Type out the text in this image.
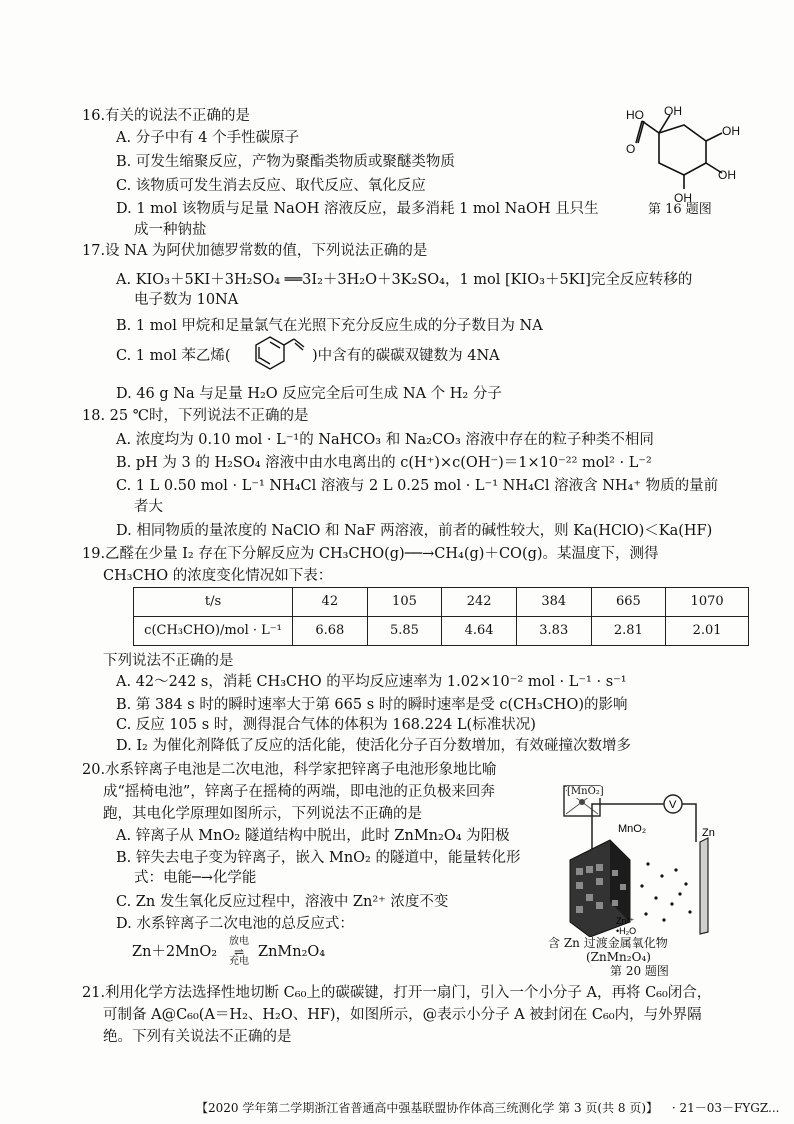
16.有关的说法不正确的是
A. 分子中有 4 个手性碳原子
B. 可发生缩聚反应，产物为聚酯类物质或聚醚类物质
C. 该物质可发生消去反应、取代反应、氧化反应
D. 1 mol 该物质与足量 NaOH 溶液反应，最多消耗 1 mol NaOH 且只生
成一种钠盐
HO OH
OH
O
OH
OH
第 16 题图
17.设 NA 为阿伏加德罗常数的值，下列说法正确的是
A. KIO₃＋5KI＋3H₂SO₄ ══3I₂＋3H₂O＋3K₂SO₄，1 mol [KIO₃＋5KI]完全反应转移的
电子数为 10NA
B. 1 mol 甲烷和足量氯气在光照下充分反应生成的分子数目为 NA
C. 1 mol 苯乙烯(	)中含有的碳碳双键数为 4NA
D. 46 g Na 与足量 H₂O 反应完全后可生成 NA 个 H₂ 分子
18. 25 ℃时，下列说法不正确的是
A. 浓度均为 0.10 mol · L⁻¹的 NaHCO₃ 和 Na₂CO₃ 溶液中存在的粒子种类不相同
B. pH 为 3 的 H₂SO₄ 溶液中由水电离出的 c(H⁺)×c(OH⁻)＝1×10⁻²² mol² · L⁻²
C. 1 L 0.50 mol · L⁻¹ NH₄Cl 溶液与 2 L 0.25 mol · L⁻¹ NH₄Cl 溶液含 NH₄⁺ 物质的量前
者大
D. 相同物质的量浓度的 NaClO 和 NaF 两溶液，前者的碱性较大，则 Ka(HClO)＜Ka(HF)
19.乙醛在少量 I₂ 存在下分解反应为 CH₃CHO(g)──→CH₄(g)＋CO(g)。某温度下，测得
CH₃CHO 的浓度变化情况如下表：
t/s	42	105	242	384	665	1070
c(CH₃CHO)/mol · L⁻¹	6.68	5.85	4.64	3.83	2.81	2.01
下列说法不正确的是
A. 42～242 s，消耗 CH₃CHO 的平均反应速率为 1.02×10⁻² mol · L⁻¹ · s⁻¹
B. 第 384 s 时的瞬时速率大于第 665 s 时的瞬时速率是受 c(CH₃CHO)的影响
C. 反应 105 s 时，测得混合气体的体积为 168.224 L(标准状况)
D. I₂ 为催化剂降低了反应的活化能，使活化分子百分数增加，有效碰撞次数增多
20.水系锌离子电池是二次电池，科学家把锌离子电池形象地比喻
成“摇椅电池”，锌离子在摇椅的两端，即电池的正负极来回奔
跑，其电化学原理如图所示，下列说法不正确的是
A. 锌离子从 MnO₂ 隧道结构中脱出，此时 ZnMn₂O₄ 为阳极
B. 锌失去电子变为锌离子，嵌入 MnO₂ 的隧道中，能量转化形
式：电能─→化学能
C. Zn 发生氧化反应过程中，溶液中 Zn²⁺ 浓度不变
D. 水系锌离子二次电池的总反应式：
Zn＋2MnO₂
放电
⇌
充电
ZnMn₂O₄
V
MnO₂	Zn
Zn²⁺
•H₂O
[MnO₂]
含 Zn 过渡金属氧化物
(ZnMn₂O₄)
第 20 题图
21.利用化学方法选择性地切断 C₆₀上的碳碳键，打开一扇门，引入一个小分子 A，再将 C₆₀闭合，
可制备 A@C₆₀(A＝H₂、H₂O、HF)，如图所示，@表示小分子 A 被封闭在 C₆₀内，与外界隔
绝。下列有关说法不正确的是
【2020 学年第二学期浙江省普通高中强基联盟协作体高三统测化学 第 3 页(共 8 页)】 · 21－03－FYGZ...
